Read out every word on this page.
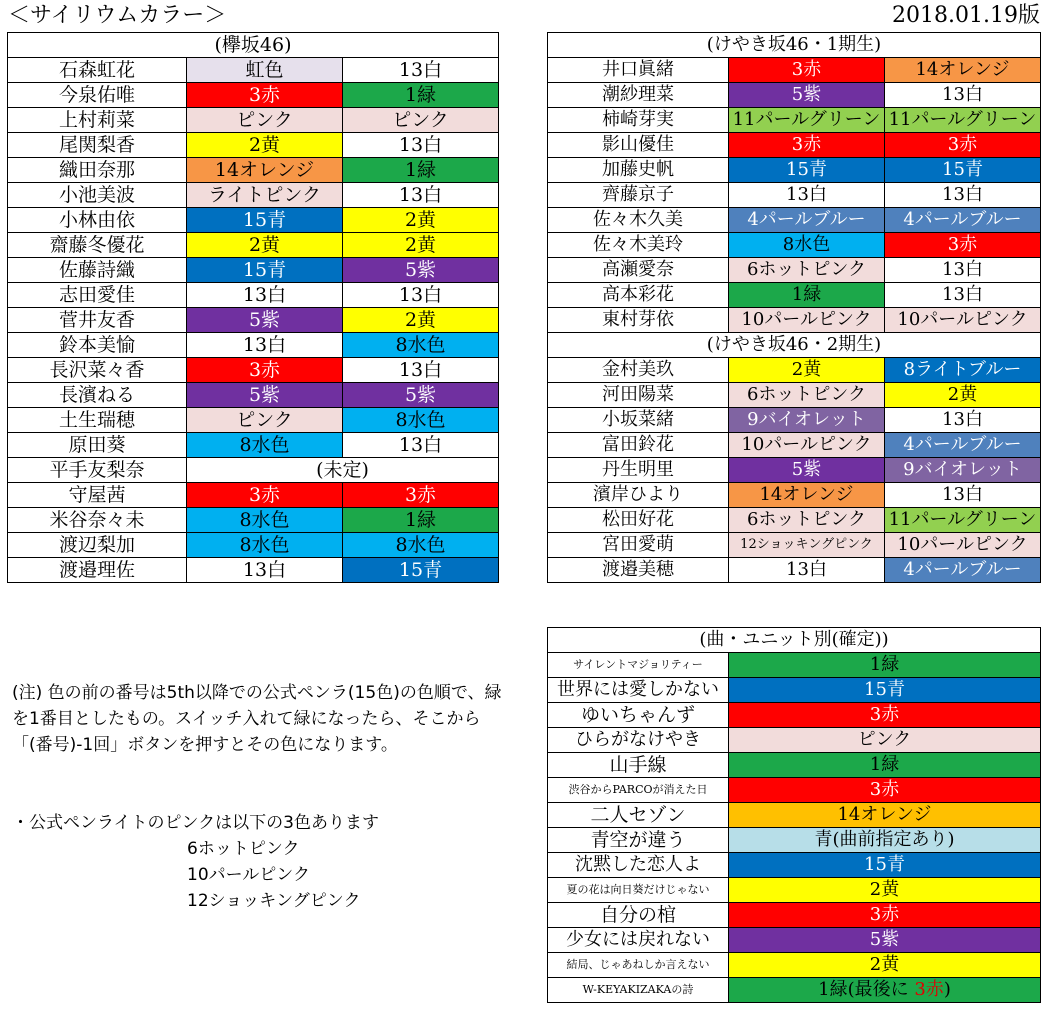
＜サイリウムカラー＞	2018.01.19版
(欅坂46)		
石森虹花	虹色	13白
今泉佑唯	3赤	1緑
上村莉菜	ピンク	ピンク
尾関梨香	2黄	13白
織田奈那	14オレンジ	1緑
小池美波	ライトピンク	13白
小林由依	15青	2黄
齋藤冬優花	2黄	2黄
佐藤詩織	15青	5紫
志田愛佳	13白	13白
菅井友香	5紫	2黄
鈴本美愉	13白	8水色
長沢菜々香	3赤	13白
長濱ねる	5紫	5紫
土生瑞穂	ピンク	8水色
原田葵	8水色	13白
平手友梨奈	(未定)	
守屋茜	3赤	3赤
米谷奈々未	8水色	1緑
渡辺梨加	8水色	8水色
渡邉理佐	13白	15青
(けやき坂46・1期生)		
井口眞緒	3赤	14オレンジ
潮紗理菜	5紫	13白
柿崎芽実	11パールグリーン	11パールグリーン
影山優佳	3赤	3赤
加藤史帆	15青	15青
齊藤京子	13白	13白
佐々木久美	4パールブルー	4パールブルー
佐々木美玲	8水色	3赤
高瀬愛奈	6ホットピンク	13白
高本彩花	1緑	13白
東村芽依	10パールピンク	10パールピンク
(けやき坂46・2期生)		
金村美玖	2黄	8ライトブルー
河田陽菜	6ホットピンク	2黄
小坂菜緒	9バイオレット	13白
富田鈴花	10パールピンク	4パールブルー
丹生明里	5紫	9バイオレット
濱岸ひより	14オレンジ	13白
松田好花	6ホットピンク	11パールグリーン
宮田愛萌	12ショッキングピンク	10パールピンク
渡邉美穂	13白	4パールブルー
(曲・ユニット別(確定))	
サイレントマジョリティー	1緑
世界には愛しかない	15青
ゆいちゃんず	3赤
ひらがなけやき	ピンク
山手線	1緑
渋谷からPARCOが消えた日	3赤
二人セゾン	14オレンジ
青空が違う	青(曲前指定あり)
沈黙した恋人よ	15青
夏の花は向日葵だけじゃない	2黄
自分の棺	3赤
少女には戻れない	5紫
結局、じゃあねしか言えない	2黄
W-KEYAKIZAKAの詩	1緑(最後に 3赤)

(注) 色の前の番号は5th以降での公式ペンラ(15色)の色順で、緑を1番目としたもの。スイッチ入れて緑になったら、そこから「(番号)-1回」ボタンを押すとその色になります。

・公式ペンライトのピンクは以下の3色あります
6ホットピンク
10パールピンク
12ショッキングピンク
